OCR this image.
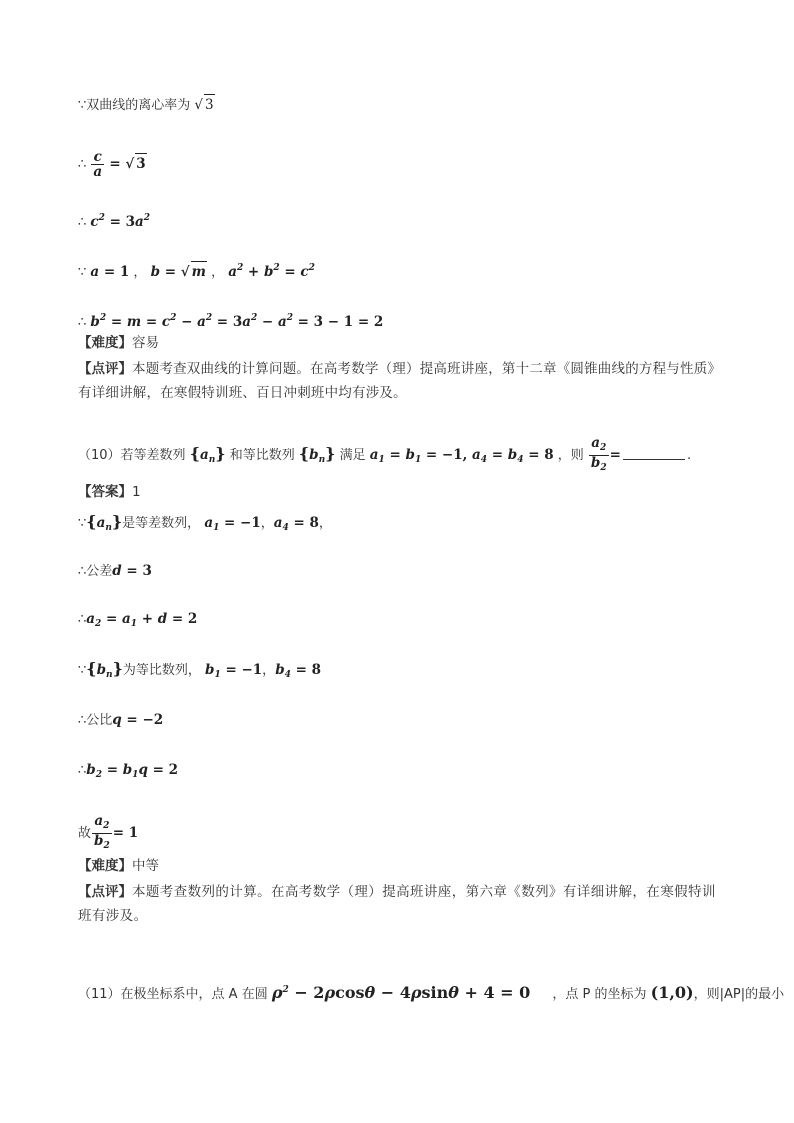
∵双曲线的离心率为 √ 3
∴ $\frac{c}{a}$ = √ 3
∴ $c^2 = 3a^2$
∵ a = 1 ， b = √ m ， $a^2 + b^2 = c^2$
∴ $b^2 = m = c^2 - a^2 = 3a^2 - a^2 = 3 - 1 = 2$
【难度】容易
【点评】本题考查双曲线的计算问题。在高考数学（理）提高班讲座，第十二章《圆锥曲线的方程与性质》有详细讲解，在寒假特训班、百日冲刺班中均有涉及。
（10）若等差数列 $\{a_n\}$ 和等比数列 $\{b_n\}$ 满足 $a_1 = b_1 = -1$, $a_4 = b_4 = 8$ ，则 $\frac{a_2}{b_2}$ =	.
【答案】1
$\because\{a_n\}$是等差数列， $a_1 = -1$，$a_4 = 8$，
∴公差d = 3
$\therefore a_2 = a_1 + d = 2$
$\because\{b_n\}$为等比数列， $b_1 = -1$，$b_4 = 8$
∴公比q = −2
$\therefore b_2 = b_1q = 2$
故 $\frac{a_2}{b_2} = 1$
【难度】中等
【点评】本题考查数列的计算。在高考数学（理）提高班讲座，第六章《数列》有详细讲解，在寒假特训班有涉及。
（11）在极坐标系中，点 A 在圆 $\rho^2 - 2\rho\cos\theta - 4\rho\sin\theta + 4 = 0$ ，点 P 的坐标为 (1,0)，则|AP|的最小
